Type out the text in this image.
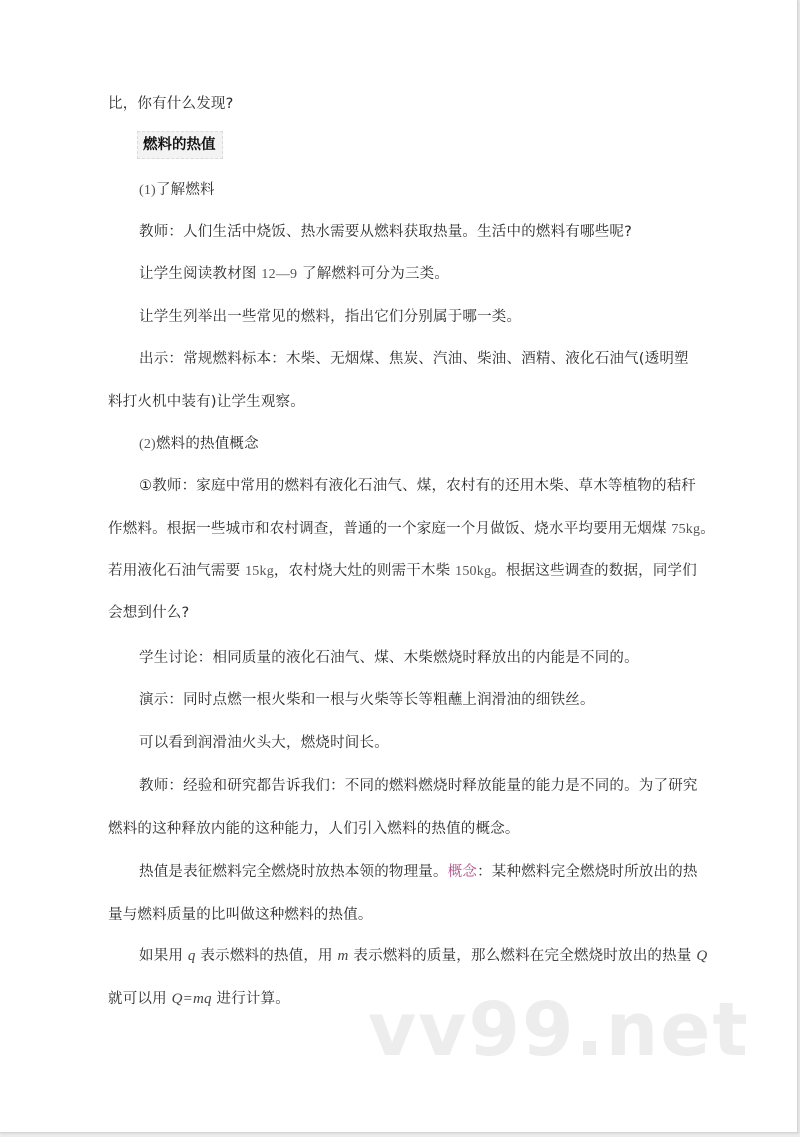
比，你有什么发现?
燃料的热值
(1)了解燃料
教师：人们生活中烧饭、热水需要从燃料获取热量。生活中的燃料有哪些呢?
让学生阅读教材图 12—9 了解燃料可分为三类。
让学生列举出一些常见的燃料，指出它们分别属于哪一类。
出示：常规燃料标本：木柴、无烟煤、焦炭、汽油、柴油、酒精、液化石油气(透明塑
料打火机中装有)让学生观察。
(2)燃料的热值概念
①教师：家庭中常用的燃料有液化石油气、煤，农村有的还用木柴、草木等植物的秸秆
作燃料。根据一些城市和农村调查，普通的一个家庭一个月做饭、烧水平均要用无烟煤 75kg。
若用液化石油气需要 15kg，农村烧大灶的则需干木柴 150kg。根据这些调查的数据，同学们
会想到什么?
学生讨论：相同质量的液化石油气、煤、木柴燃烧时释放出的内能是不同的。
演示：同时点燃一根火柴和一根与火柴等长等粗蘸上润滑油的细铁丝。
可以看到润滑油火头大，燃烧时间长。
教师：经验和研究都告诉我们：不同的燃料燃烧时释放能量的能力是不同的。为了研究
燃料的这种释放内能的这种能力，人们引入燃料的热值的概念。
热值是表征燃料完全燃烧时放热本领的物理量。概念：某种燃料完全燃烧时所放出的热
量与燃料质量的比叫做这种燃料的热值。
如果用 q 表示燃料的热值，用 m 表示燃料的质量，那么燃料在完全燃烧时放出的热量 Q
就可以用 Q=mq 进行计算。 vv99.net
